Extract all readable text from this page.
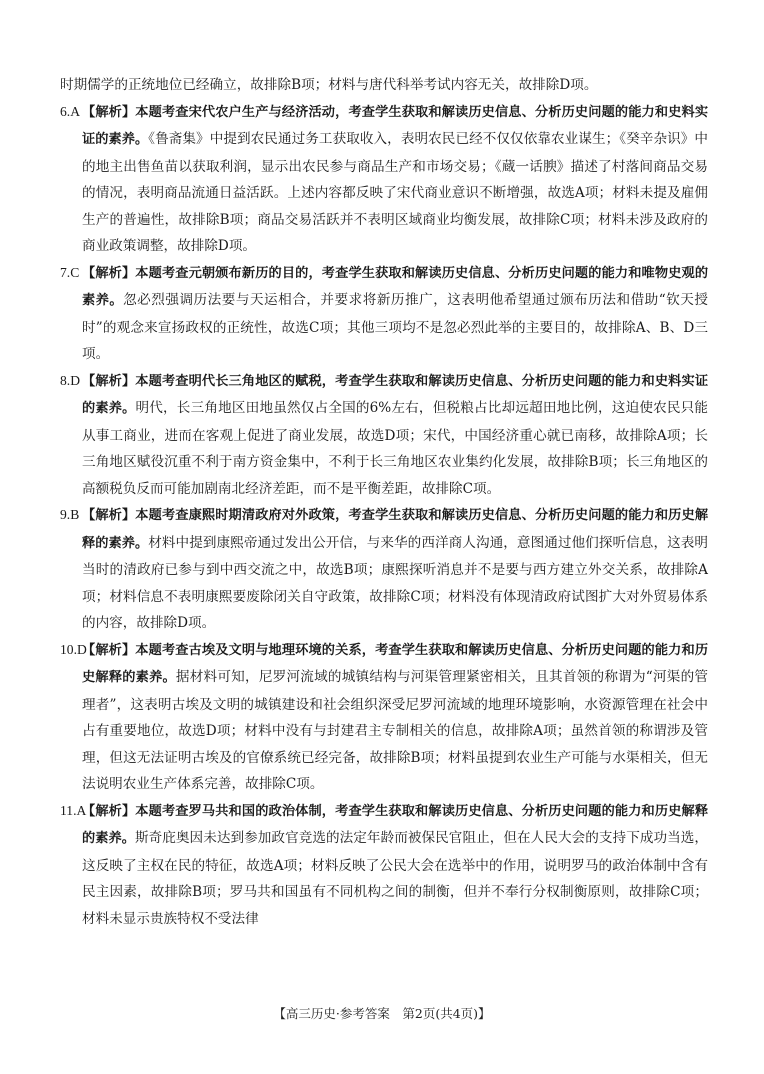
时期儒学的正统地位已经确立，故排除B项；材料与唐代科举考试内容无关，故排除D项。
6.A 【解析】本题考查宋代农户生产与经济活动，考查学生获取和解读历史信息、分析历史问题的能力和史料实证的素养。《鲁斋集》中提到农民通过务工获取收入，表明农民已经不仅仅依靠农业谋生；《癸辛杂识》中的地主出售鱼苗以获取利润，显示出农民参与商品生产和市场交易；《蔵一话腴》描述了村落间商品交易的情况，表明商品流通日益活跃。上述内容都反映了宋代商业意识不断增强，故选A项；材料未提及雇佣生产的普遍性，故排除B项；商品交易活跃并不表明区域商业均衡发展，故排除C项；材料未涉及政府的商业政策调整，故排除D项。
7.C 【解析】本题考查元朝颁布新历的目的，考查学生获取和解读历史信息、分析历史问题的能力和唯物史观的素养。忽必烈强调历法要与天运相合，并要求将新历推广，这表明他希望通过颁布历法和借助“钦天授时”的观念来宣扬政权的正统性，故选C项；其他三项均不是忽必烈此举的主要目的，故排除A、B、D三项。
8.D 【解析】本题考查明代长三角地区的赋税，考查学生获取和解读历史信息、分析历史问题的能力和史料实证的素养。明代，长三角地区田地虽然仅占全国的6%左右，但税粮占比却远超田地比例，这迫使农民只能从事工商业，进而在客观上促进了商业发展，故选D项；宋代，中国经济重心就已南移，故排除A项；长三角地区赋役沉重不利于南方资金集中，不利于长三角地区农业集约化发展，故排除B项；长三角地区的高额税负反而可能加剧南北经济差距，而不是平衡差距，故排除C项。
9.B 【解析】本题考查康熙时期清政府对外政策，考查学生获取和解读历史信息、分析历史问题的能力和历史解释的素养。材料中提到康熙帝通过发出公开信，与来华的西洋商人沟通，意图通过他们探听信息，这表明当时的清政府已参与到中西交流之中，故选B项；康熙探听消息并不是要与西方建立外交关系，故排除A项；材料信息不表明康熙要废除闭关自守政策，故排除C项；材料没有体现清政府试图扩大对外贸易体系的内容，故排除D项。
10.D
【解析】本题考查古埃及文明与地理环境的关系，考查学生获取和解读历史信息、分析历史问题的能力和历史解释的素养。据材料可知，尼罗河流域的城镇结构与河渠管理紧密相关，且其首领的称谓为“河渠的管理者”，这表明古埃及文明的城镇建设和社会组织深受尼罗河流域的地理环境影响，水资源管理在社会中占有重要地位，故选D项；材料中没有与封建君主专制相关的信息，故排除A项；虽然首领的称谓涉及管理，但这无法证明古埃及的官僚系统已经完备，故排除B项；材料虽提到农业生产可能与水渠相关，但无法说明农业生产体系完善，故排除C项。
11.A
【解析】本题考查罗马共和国的政治体制，考查学生获取和解读历史信息、分析历史问题的能力和历史解释的素养。斯奇庇奥因未达到参加政官竞选的法定年龄而被保民官阻止，但在人民大会的支持下成功当选，这反映了主权在民的特征，故选A项；材料反映了公民大会在选举中的作用，说明罗马的政治体制中含有民主因素，故排除B项；罗马共和国虽有不同机构之间的制衡，但并不奉行分权制衡原则，故排除C项；材料未显示贵族特权不受法律
【高三历史·参考答案　第2页(共4页)】
